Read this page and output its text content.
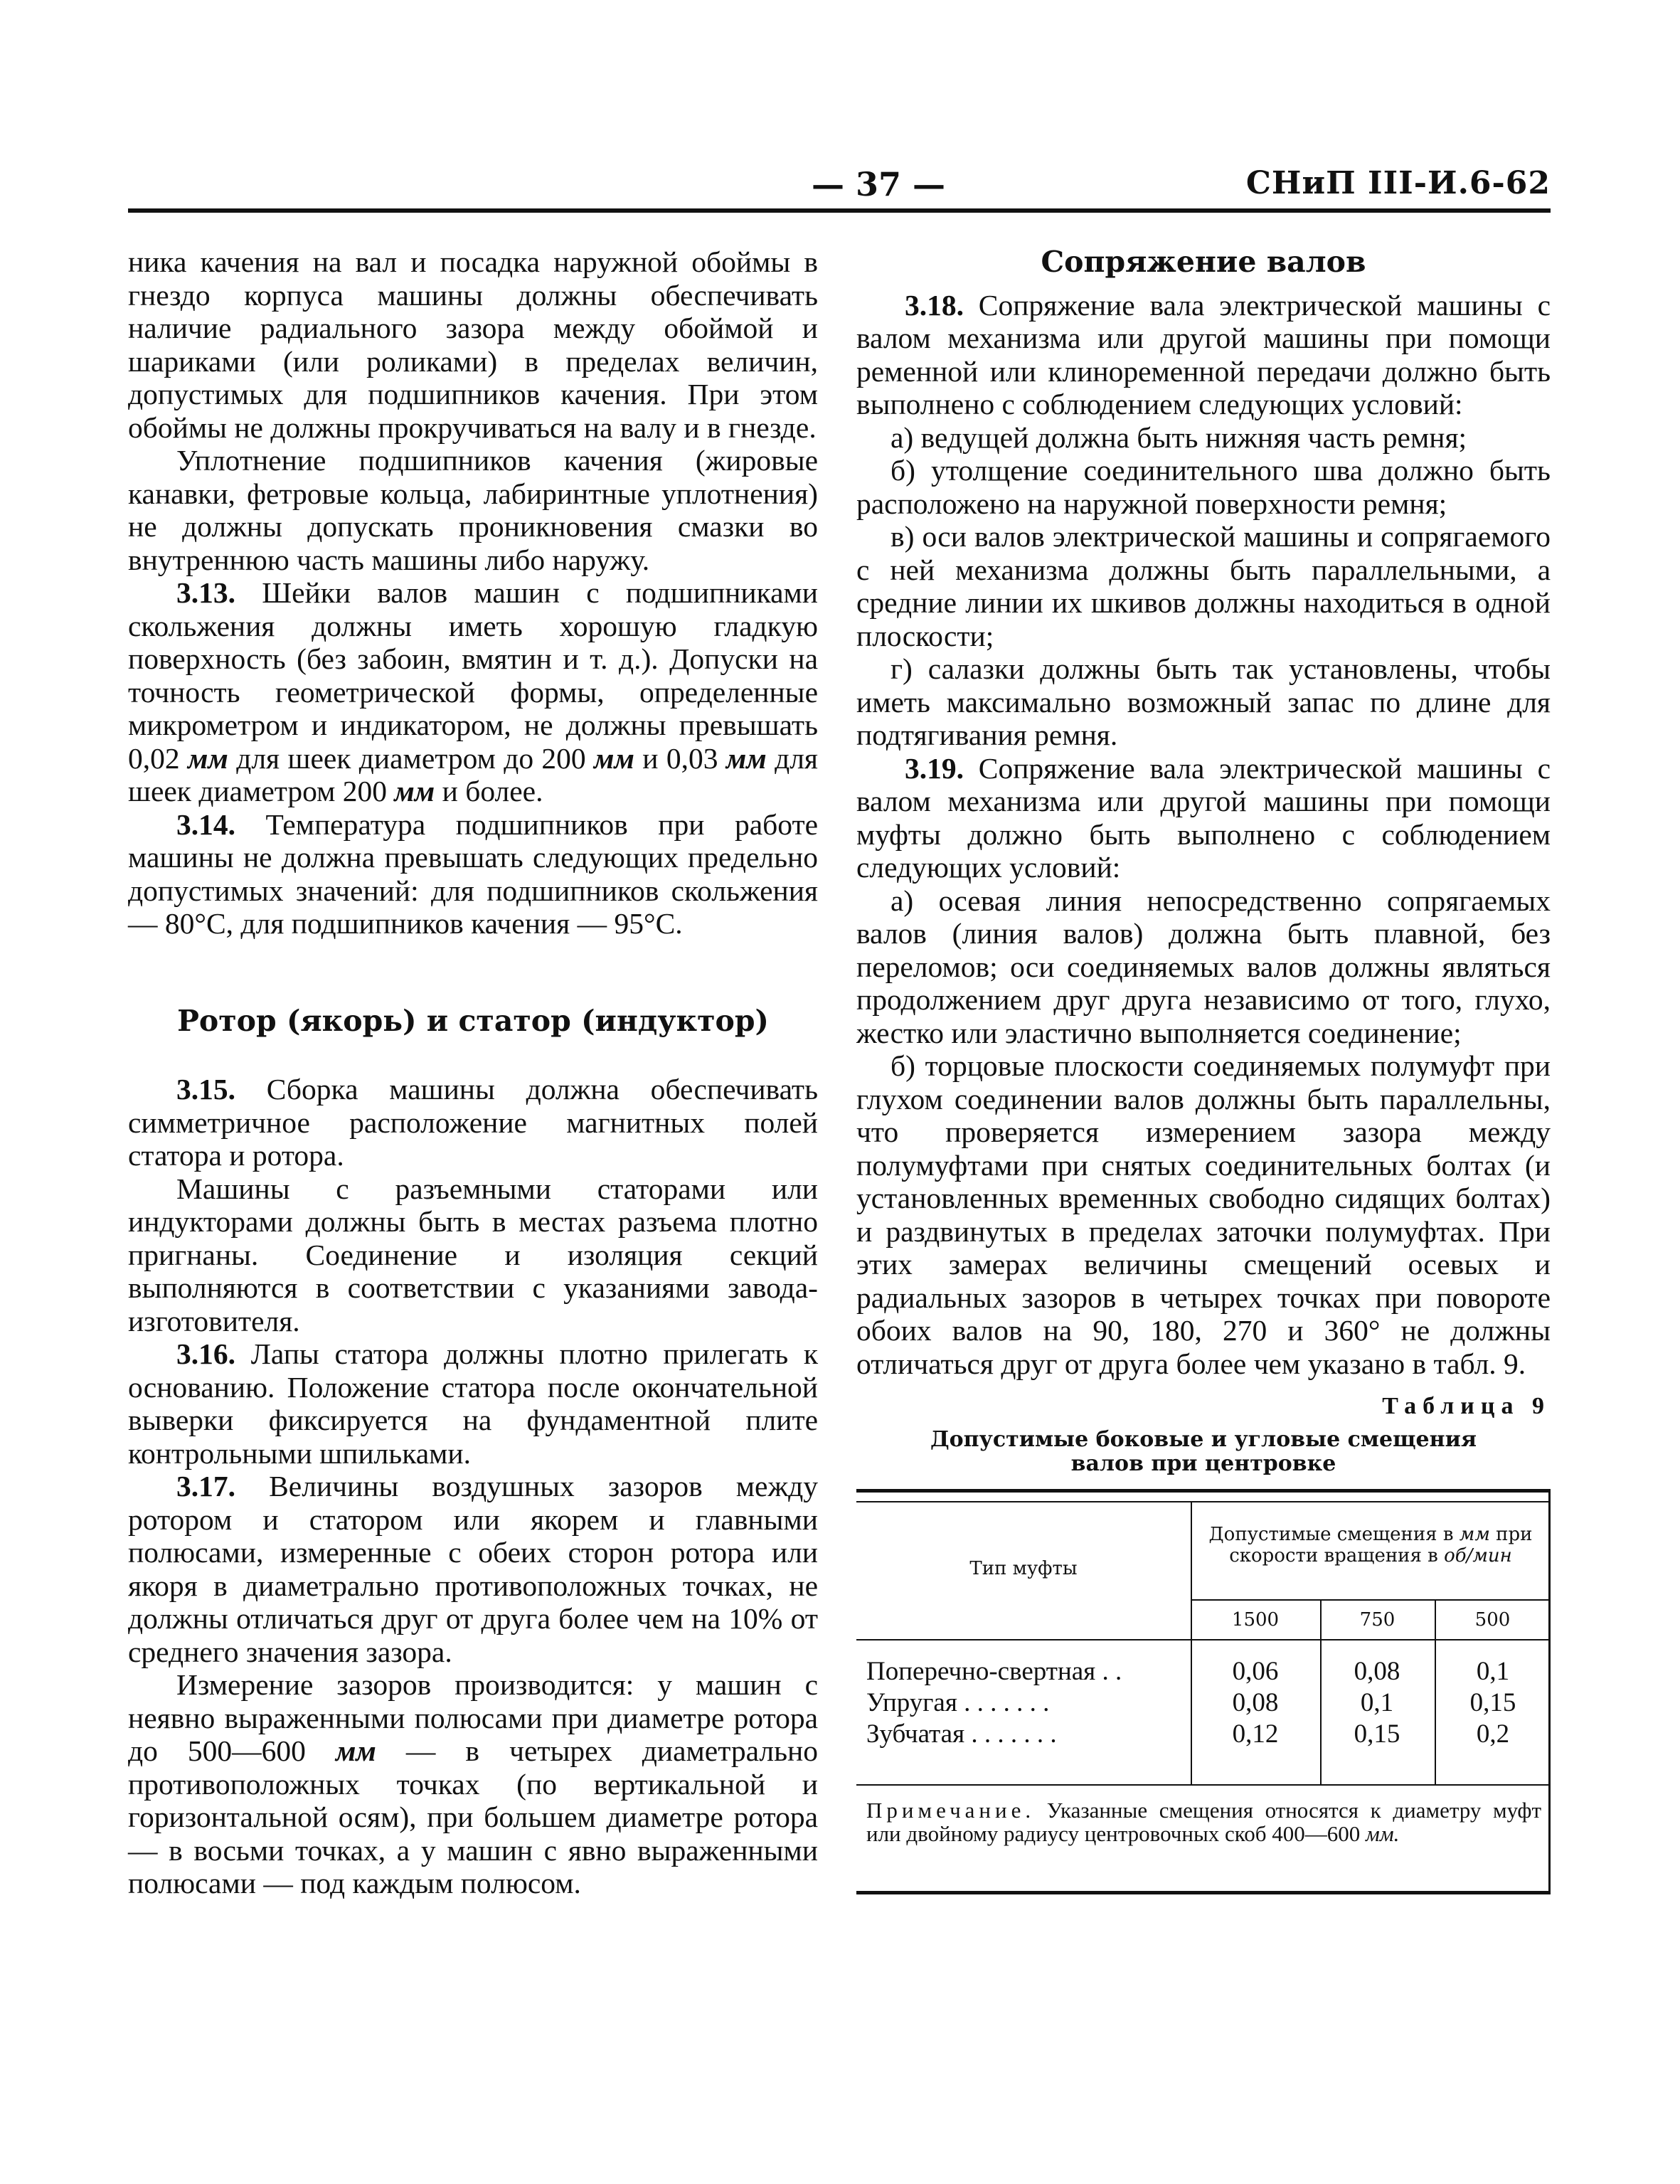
— 37 —	СНиП III-И.6-62

ника качения на вал и посадка наружной обоймы в гнездо корпуса машины должны обеспечивать наличие радиального зазора между обоймой и шариками (или роликами) в пределах величин, допустимых для подшипников качения. При этом обоймы не должны прокручиваться на валу и в гнезде.

Уплотнение подшипников качения (жировые канавки, фетровые кольца, лабиринтные уплотнения) не должны допускать проникновения смазки во внутреннюю часть машины либо наружу.

3.13. Шейки валов машин с подшипниками скольжения должны иметь хорошую гладкую поверхность (без забоин, вмятин и т. д.). Допуски на точность геометрической формы, определенные микрометром и индикатором, не должны превышать 0,02 мм для шеек диаметром до 200 мм и 0,03 мм для шеек диаметром 200 мм и более.

3.14. Температура подшипников при работе машины не должна превышать следующих предельно допустимых значений: для подшипников скольжения — 80°С, для подшипников качения — 95°С.

Ротор (якорь) и статор (индуктор)

3.15. Сборка машины должна обеспечивать симметричное расположение магнитных полей статора и ротора.

Машины с разъемными статорами или индукторами должны быть в местах разъема плотно пригнаны. Соединение и изоляция секций выполняются в соответствии с указаниями завода-изготовителя.

3.16. Лапы статора должны плотно прилегать к основанию. Положение статора после окончательной выверки фиксируется на фундаментной плите контрольными шпильками.

3.17. Величины воздушных зазоров между ротором и статором или якорем и главными полюсами, измеренные с обеих сторон ротора или якоря в диаметрально противоположных точках, не должны отличаться друг от друга более чем на 10% от среднего значения зазора.

Измерение зазоров производится: у машин с неявно выраженными полюсами при диаметре ротора до 500—600 мм — в четырех диаметрально противоположных точках (по вертикальной и горизонтальной осям), при большем диаметре ротора — в восьми точках, а у машин с явно выраженными полюсами — под каждым полюсом.

Сопряжение валов

3.18. Сопряжение вала электрической машины с валом механизма или другой машины при помощи ременной или клиноременной передачи должно быть выполнено с соблюдением следующих условий:

а) ведущей должна быть нижняя часть ремня;

б) утолщение соединительного шва должно быть расположено на наружной поверхности ремня;

в) оси валов электрической машины и сопрягаемого с ней механизма должны быть параллельными, а средние линии их шкивов должны находиться в одной плоскости;

г) салазки должны быть так установлены, чтобы иметь максимально возможный запас по длине для подтягивания ремня.

3.19. Сопряжение вала электрической машины с валом механизма или другой машины при помощи муфты должно быть выполнено с соблюдением следующих условий:

а) осевая линия непосредственно сопрягаемых валов (линия валов) должна быть плавной, без переломов; оси соединяемых валов должны являться продолжением друг друга независимо от того, глухо, жестко или эластично выполняется соединение;

б) торцовые плоскости соединяемых полумуфт при глухом соединении валов должны быть параллельны, что проверяется измерением зазора между полумуфтами при снятых соединительных болтах (и установленных временных свободно сидящих болтах) и раздвинутых в пределах заточки полумуфтах. При этих замерах величины смещений осевых и радиальных зазоров в четырех точках при повороте обоих валов на 90, 180, 270 и 360° не должны отличаться друг от друга более чем указано в табл. 9.

Таблица 9
Допустимые боковые и угловые смещения
валов при центровке
Тип муфты
Допустимые смещения в мм при скорости вращения в об/мин
1500	750	500
Поперечно-свертная . .	0,06	0,08	0,1
Упругая . . . . . . .	0,08	0,1	0,15
Зубчатая . . . . . . .	0,12	0,15	0,2
Примечание. Указанные смещения относятся к диаметру муфт или двойному радиусу центровочных скоб 400—600 мм.
